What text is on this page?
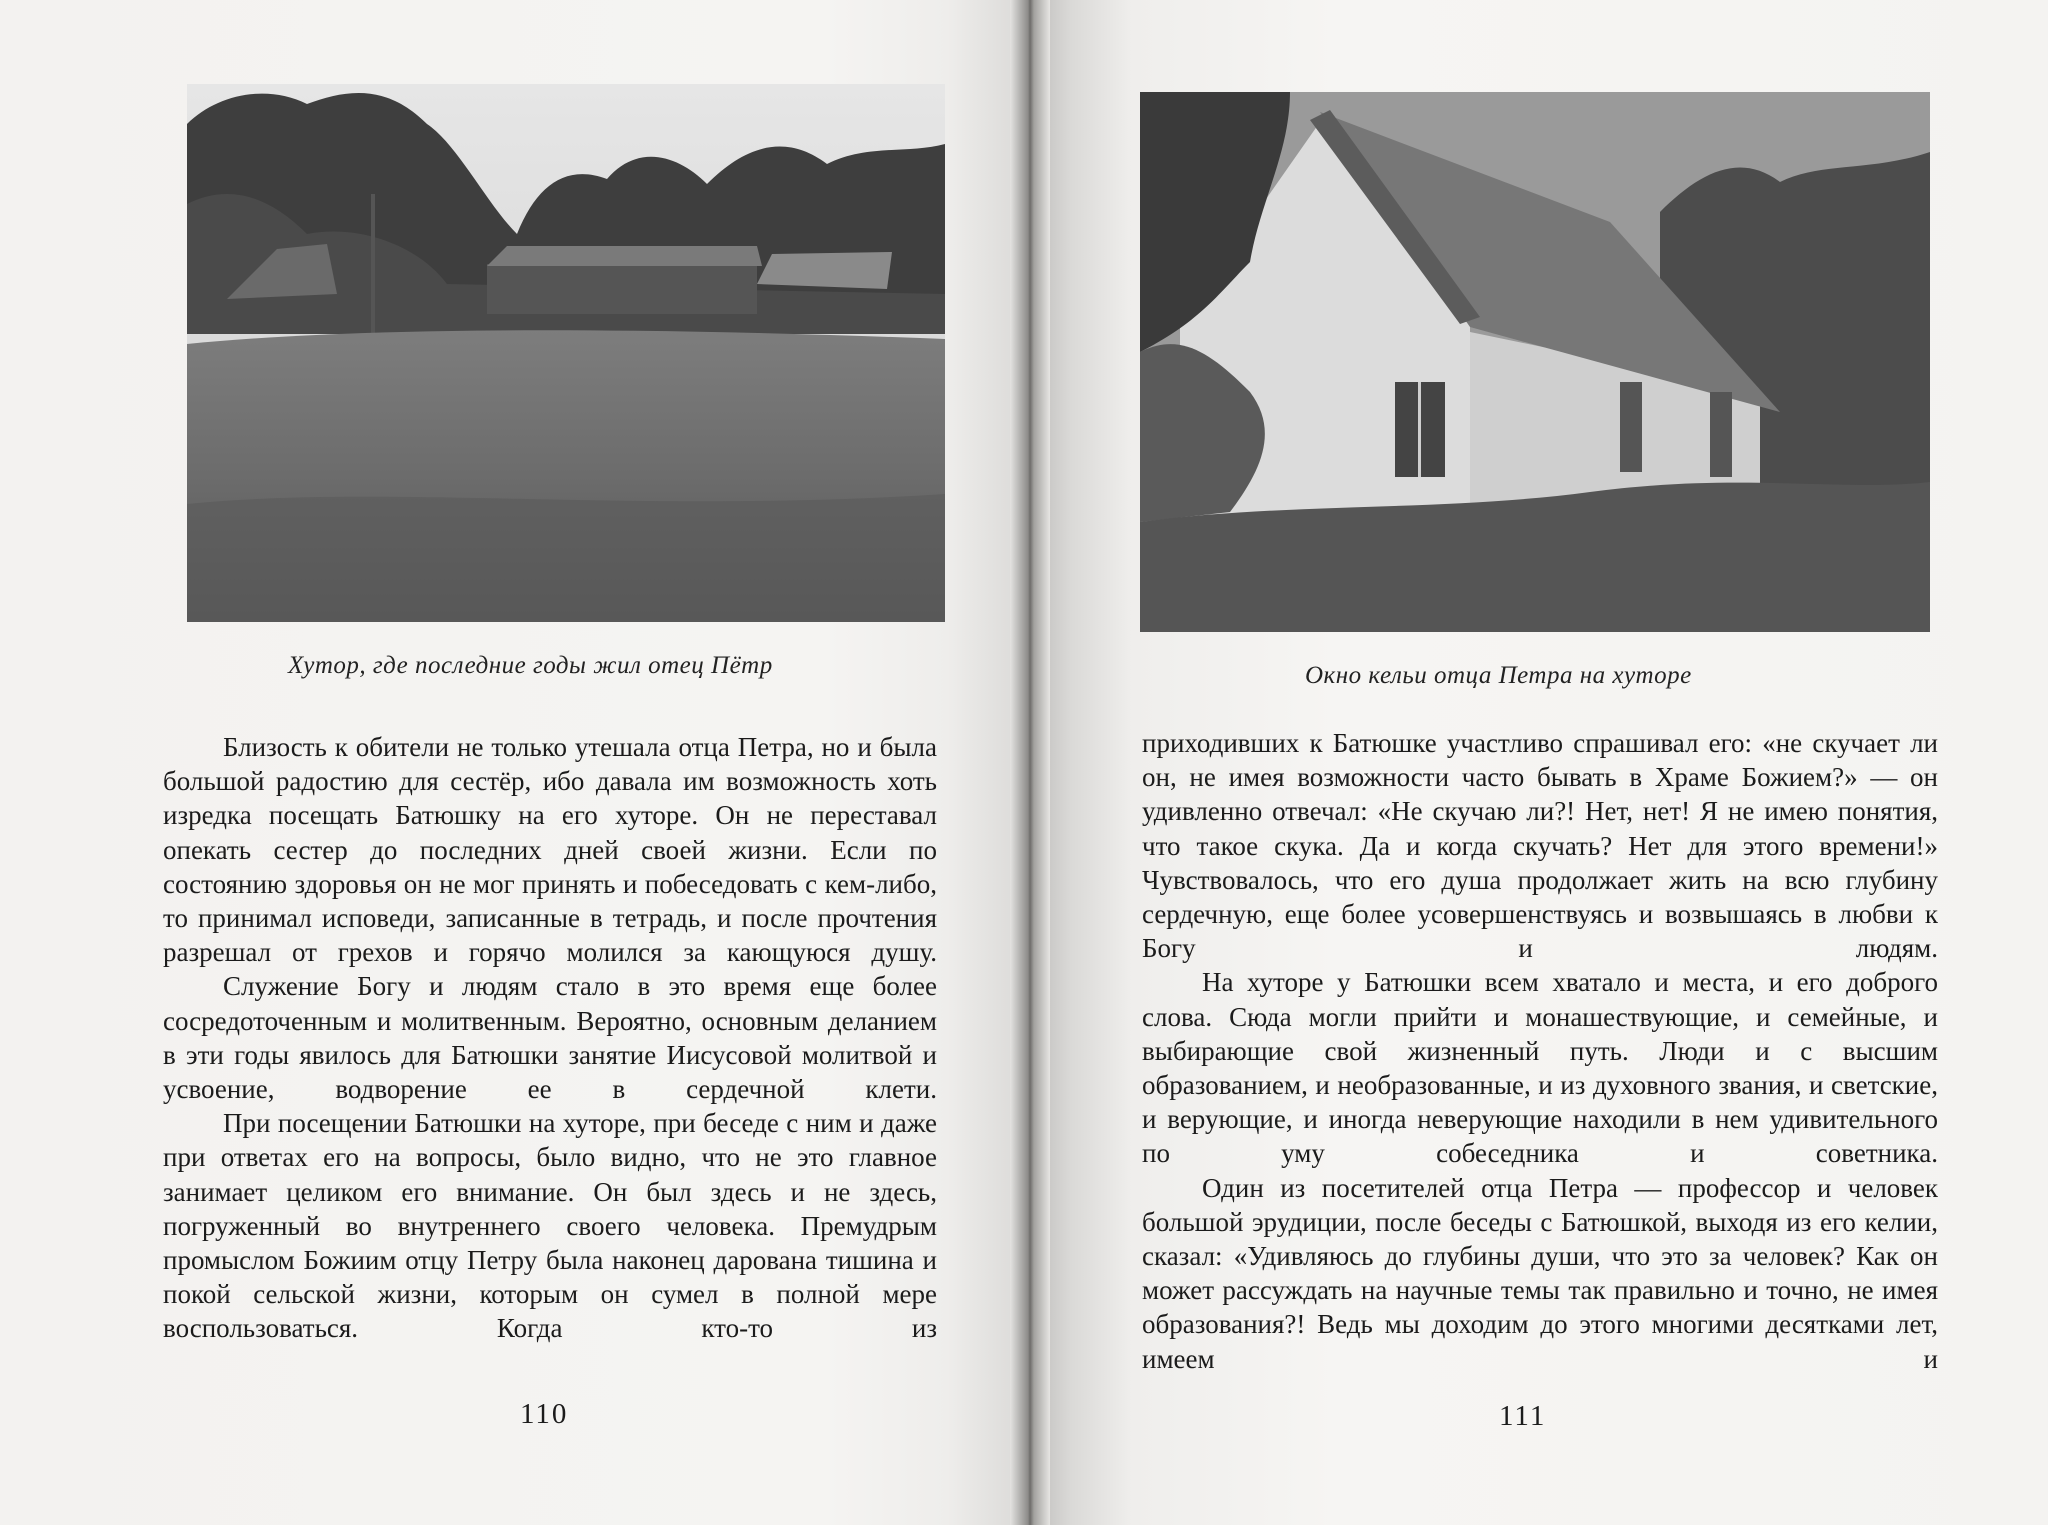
Хутор, где последние годы жил отец Пётр

Близость к обители не только утешала отца Петра, но и была большой радостию для сестёр, ибо давала им возможность хоть изредка посещать Батюшку на его хуторе. Он не переставал опекать сестер до последних дней своей жизни. Если по состоянию здоровья он не мог принять и побеседовать с кем-либо, то принимал исповеди, записанные в тетрадь, и после прочтения разрешал от грехов и горячо молился за кающуюся душу.

Служение Богу и людям стало в это время еще более сосредоточенным и молитвенным. Вероятно, основным деланием в эти годы явилось для Батюшки занятие Иисусовой молитвой и усвоение, водворение ее в сердечной клети.

При посещении Батюшки на хуторе, при беседе с ним и даже при ответах его на вопросы, было видно, что не это главное занимает целиком его внимание. Он был здесь и не здесь, погруженный во внутреннего своего человека. Премудрым промыслом Божиим отцу Петру была наконец дарована тишина и покой сельской жизни, которым он сумел в полной мере воспользоваться. Когда кто-то из

110
Окно кельи отца Петра на хуторе

приходивших к Батюшке участливо спрашивал его: «не скучает ли он, не имея возможности часто бывать в Храме Божием?» — он удивленно отвечал: «Не скучаю ли?! Нет, нет! Я не имею понятия, что такое скука. Да и когда скучать? Нет для этого времени!» Чувствовалось, что его душа продолжает жить на всю глубину сердечную, еще более усовершенствуясь и возвышаясь в любви к Богу и людям.

На хуторе у Батюшки всем хватало и места, и его доброго слова. Сюда могли прийти и монашествующие, и семейные, и выбирающие свой жизненный путь. Люди и с высшим образованием, и необразованные, и из духовного звания, и светские, и верующие, и иногда неверующие находили в нем удивительного по уму собеседника и советника.

Один из посетителей отца Петра — профессор и человек большой эрудиции, после беседы с Батюшкой, выходя из его келии, сказал: «Удивляюсь до глубины души, что это за человек? Как он может рассуждать на научные темы так правильно и точно, не имея образования?! Ведь мы доходим до этого многими десятками лет, имеем и

111
